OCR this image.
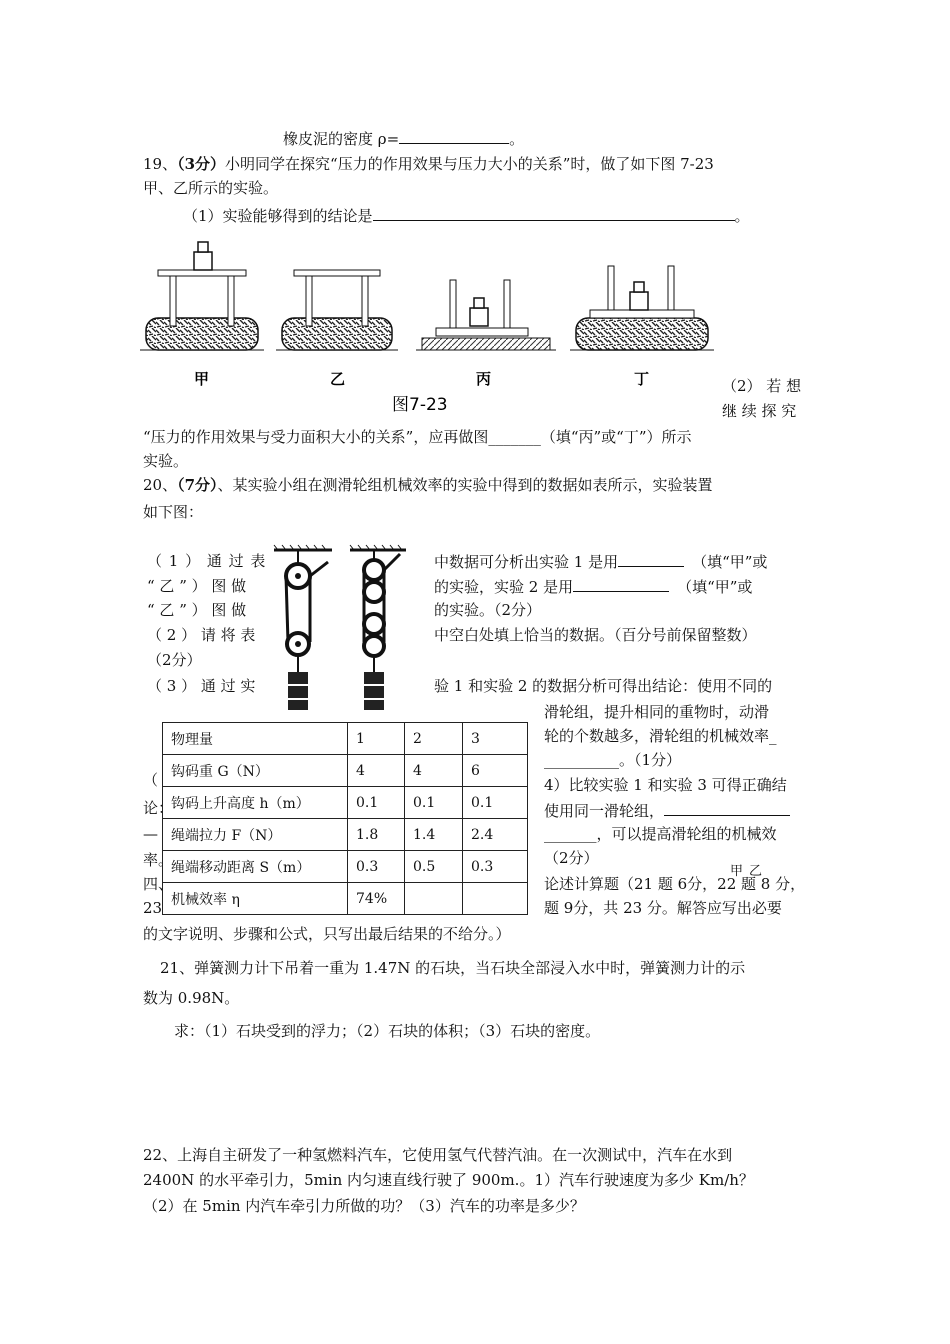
橡皮泥的密度 ρ=	。
19、（3分）小明同学在探究“压力的作用效果与压力大小的关系”时，做了如下图 7-23
甲、乙所示的实验。
（1）实验能够得到的结论是	。
甲	乙	丙
图7-23
丁	（2） 若 想
继 续 探 究
“压力的作用效果与受力面积大小的关系”，应再做图_______（填“丙”或“丁”）所示
实验。
20、（7分）、某实验小组在测滑轮组机械效率的实验中得到的数据如表所示，实验装置
如下图：
（ 1 ） 通 过 表	中数据可分析出实验 1 是用	（填“甲”或
“ 乙 ” ） 图 做	的实验，实验 2 是用	（填“甲”或
“ 乙 ” ） 图 做	的实验。（2分）
（ 2 ） 请 将 表	中空白处填上恰当的数据。（百分号前保留整数）
（2分）
（ 3 ） 通 过 实	验 1 和实验 2 的数据分析可得出结论：使用不同的
滑轮组，提升相同的重物时，动滑
轮的个数越多，滑轮组的机械效率_
__________。（1分）
4）比较实验 1 和实验 3 可得正确结
使用同一滑轮组，
_______，可以提高滑轮组的机械效
（2分）
甲 乙
（
论：
—
率。
四、
23
物理量	1	2	3
钩码重 G（N）	4	4	6
钩码上升高度 h（m）	0.1	0.1	0.1
绳端拉力 F（N）	1.8	1.4	2.4
绳端移动距离 S（m）	0.3	0.5	0.3
机械效率 η	74%		
论述计算题（21 题 6分，22 题 8 分，
题 9分，共 23 分。解答应写出必要
的文字说明、步骤和公式，只写出最后结果的不给分。）
21、弹簧测力计下吊着一重为 1.47N 的石块，当石块全部浸入水中时，弹簧测力计的示
数为 0.98N。
求：（1）石块受到的浮力；（2）石块的体积；（3）石块的密度。
22、上海自主研发了一种氢燃料汽车，它使用氢气代替汽油。在一次测试中，汽车在水到
2400N 的水平牵引力，5min 内匀速直线行驶了 900m.。1）汽车行驶速度为多少 Km/h？
（2）在 5min 内汽车牵引力所做的功？（3）汽车的功率是多少？
